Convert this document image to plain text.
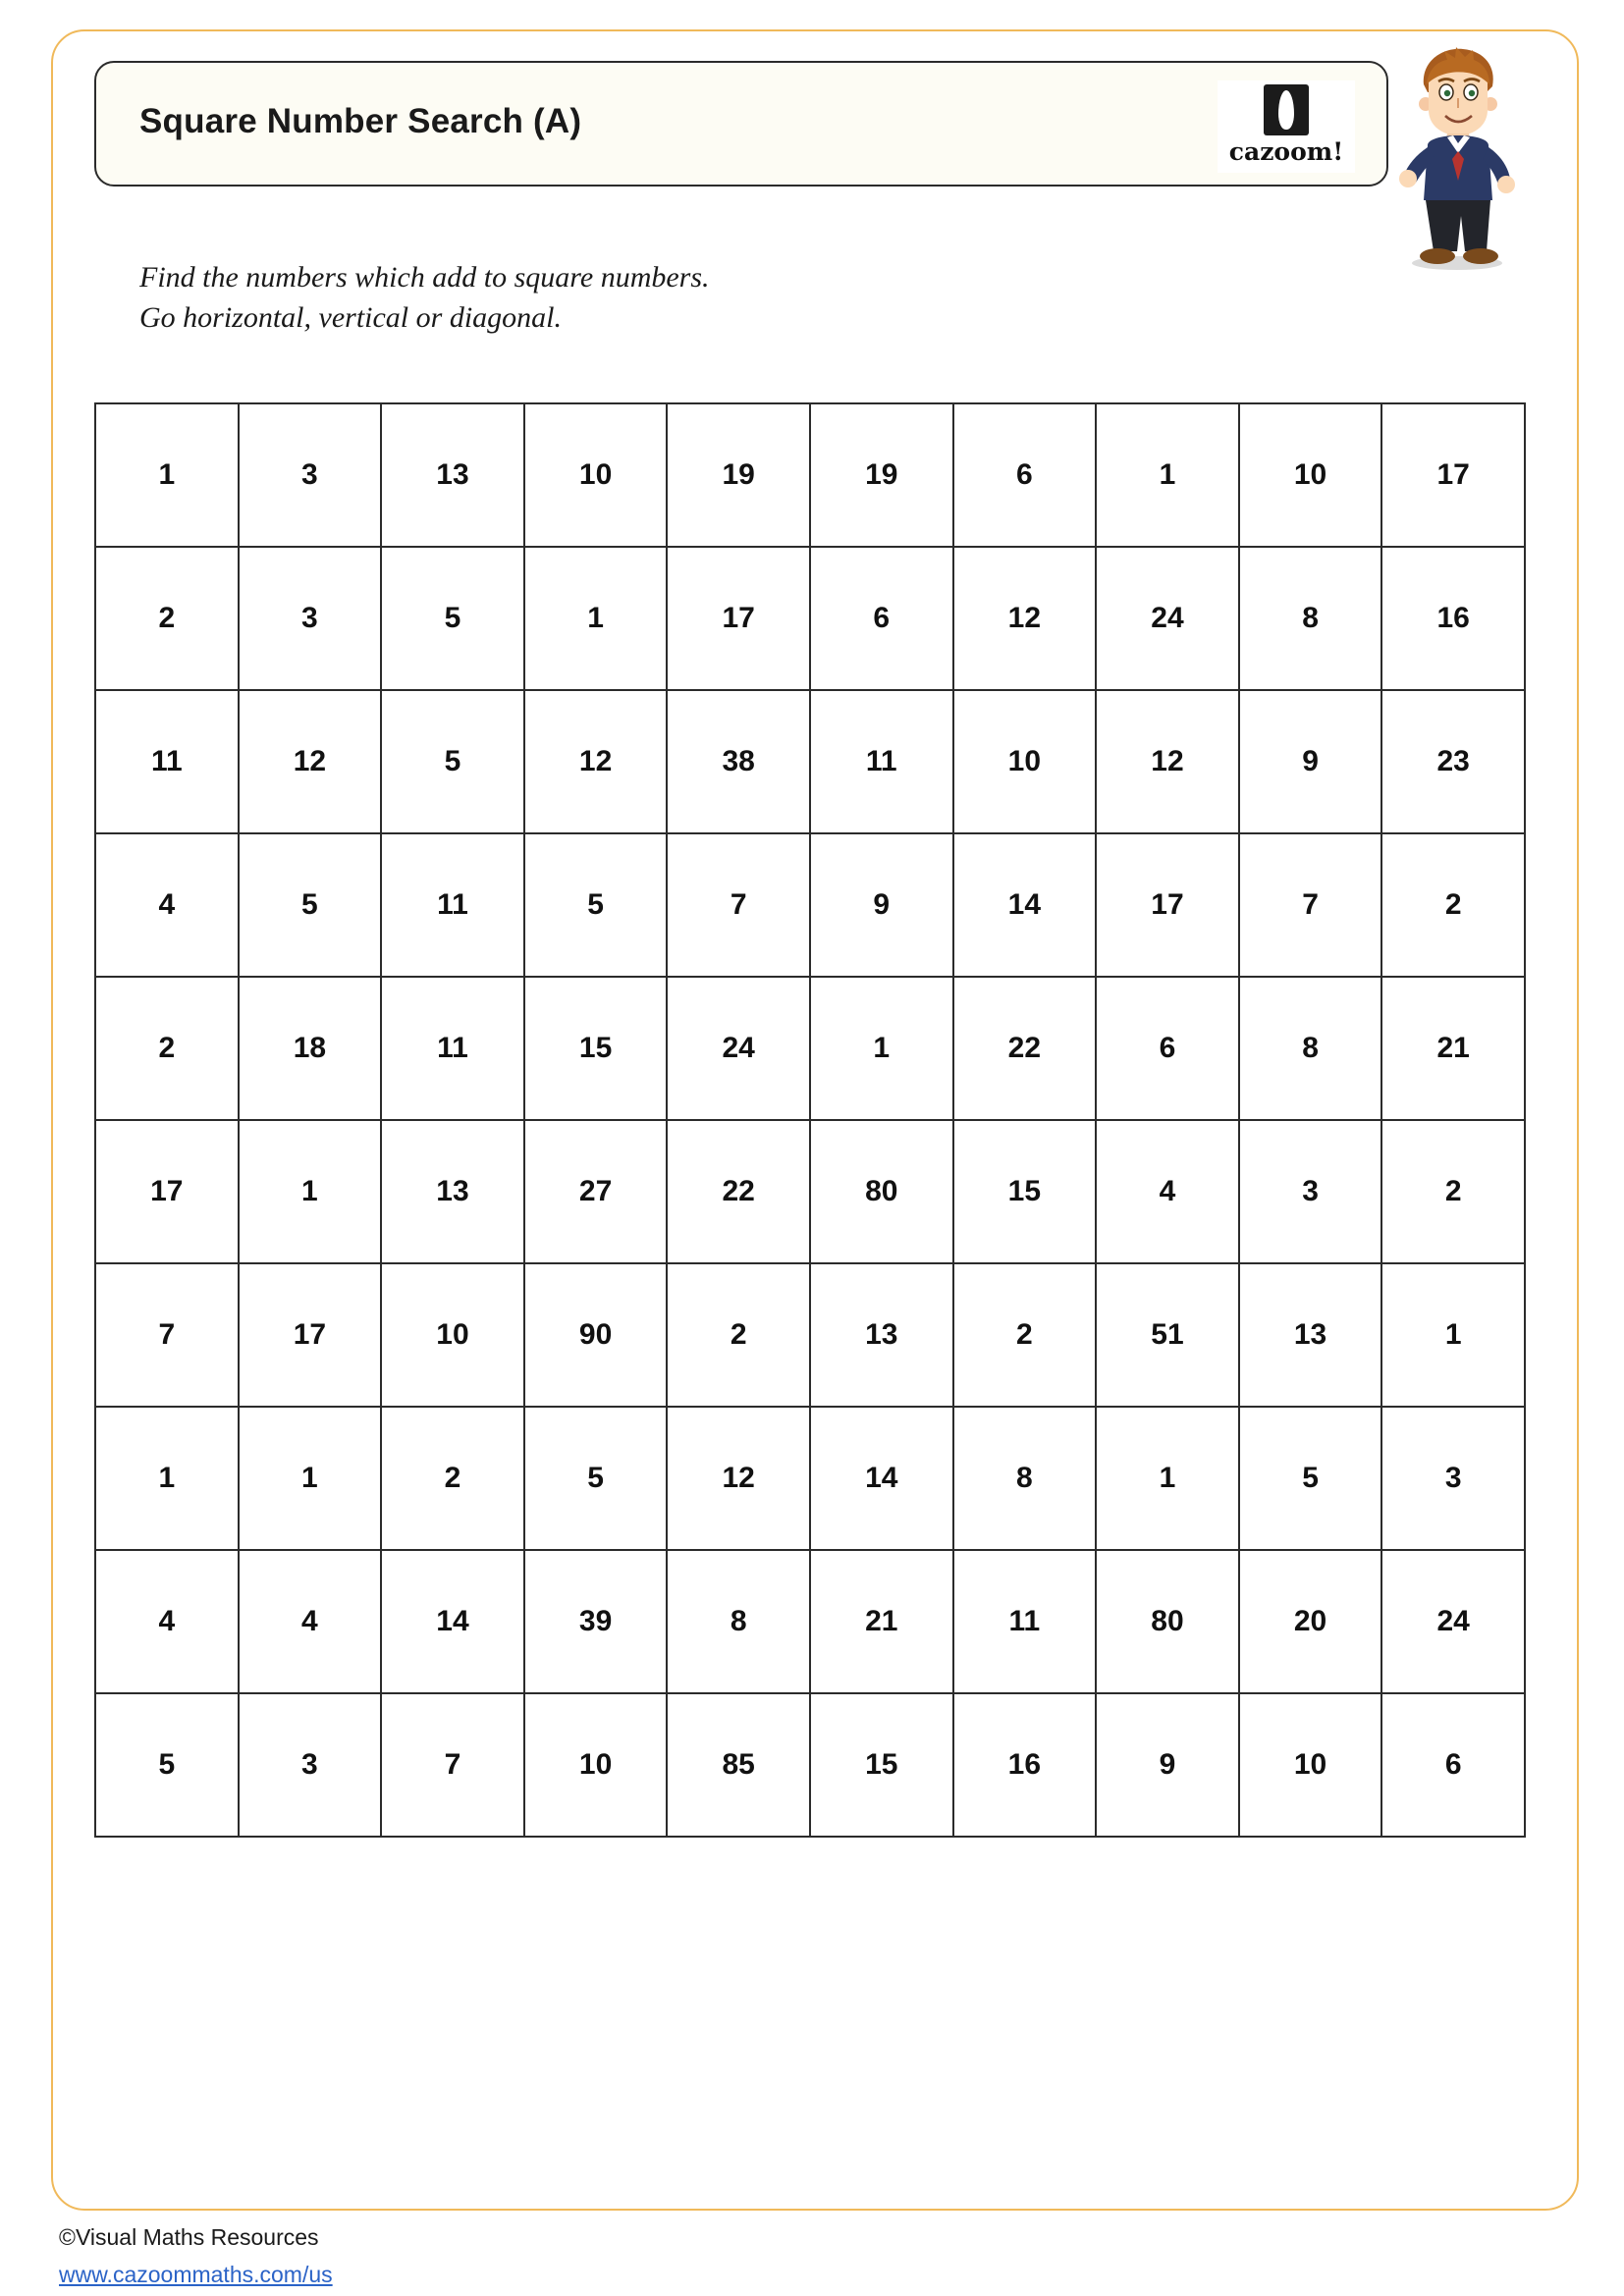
Square Number Search (A)
cazoom!
Find the numbers which add to square numbers.
Go horizontal, vertical or diagonal.
1	3	13	10	19	19	6	1	10	17
2	3	5	1	17	6	12	24	8	16
11	12	5	12	38	11	10	12	9	23
4	5	11	5	7	9	14	17	7	2
2	18	11	15	24	1	22	6	8	21
17	1	13	27	22	80	15	4	3	2
7	17	10	90	2	13	2	51	13	1
1	1	2	5	12	14	8	1	5	3
4	4	14	39	8	21	11	80	20	24
5	3	7	10	85	15	16	9	10	6
©Visual Maths Resources
www.cazoommaths.com/us
